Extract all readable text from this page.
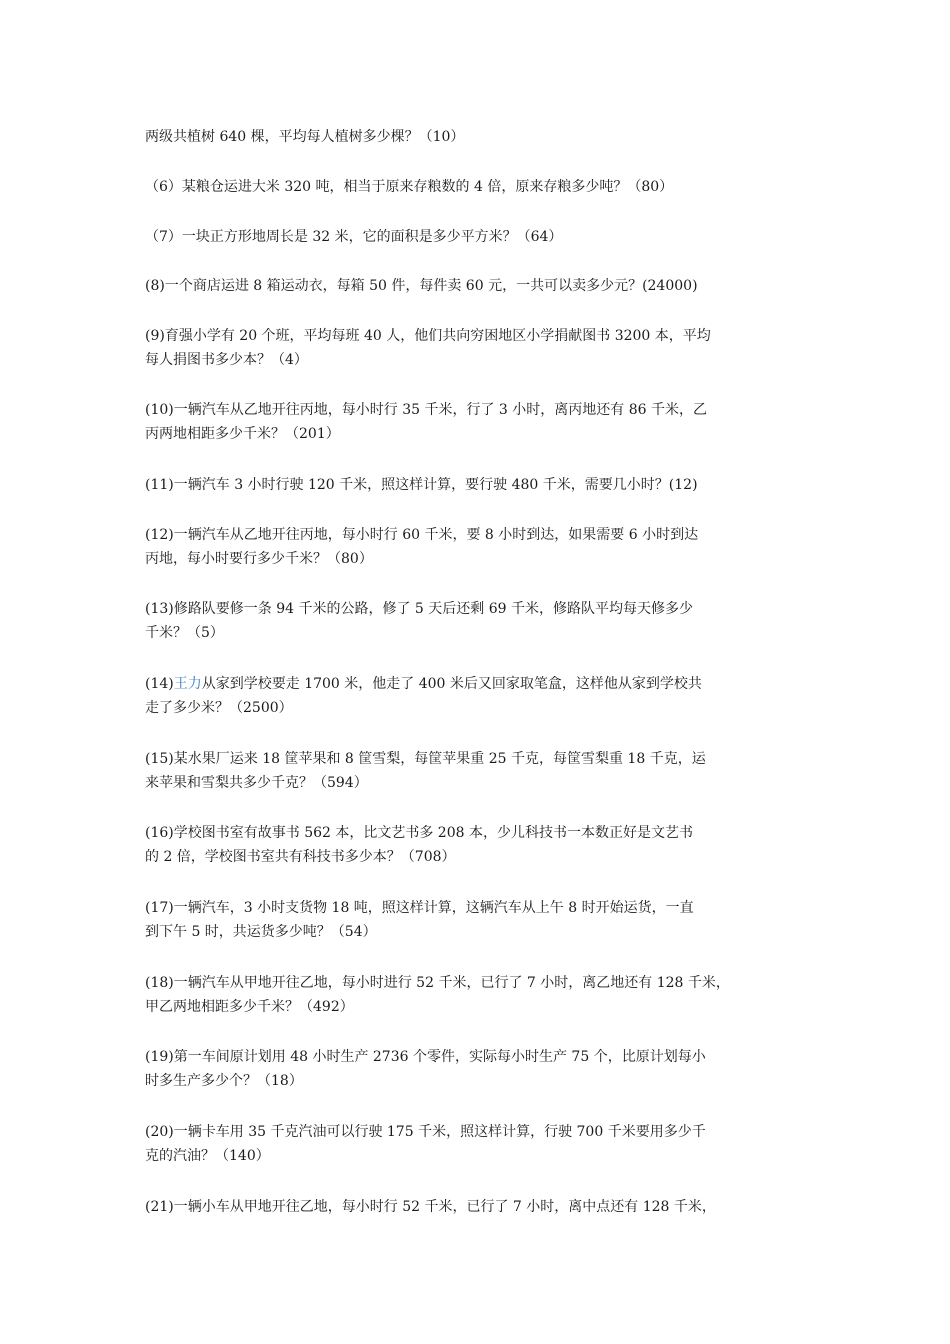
两级共植树 640 棵，平均每人植树多少棵？（10）

（6）某粮仓运进大米 320 吨，相当于原来存粮数的 4 倍，原来存粮多少吨？（80）

（7）一块正方形地周长是 32 米，它的面积是多少平方米？（64）

(8)一个商店运进 8 箱运动衣，每箱 50 件，每件卖 60 元，一共可以卖多少元？(24000)

(9)育强小学有 20 个班，平均每班 40 人，他们共向穷困地区小学捐献图书 3200 本，平均
每人捐图书多少本？（4）

(10)一辆汽车从乙地开往丙地，每小时行 35 千米，行了 3 小时，离丙地还有 86 千米，乙
丙两地相距多少千米？（201）

(11)一辆汽车 3 小时行驶 120 千米，照这样计算，要行驶 480 千米，需要几小时？(12)

(12)一辆汽车从乙地开往丙地，每小时行 60 千米，要 8 小时到达，如果需要 6 小时到达
丙地，每小时要行多少千米？（80）

(13)修路队要修一条 94 千米的公路，修了 5 天后还剩 69 千米，修路队平均每天修多少
千米？（5）

(14)王力从家到学校要走 1700 米，他走了 400 米后又回家取笔盒，这样他从家到学校共
走了多少米？（2500）

(15)某水果厂运来 18 筐苹果和 8 筐雪梨，每筐苹果重 25 千克，每筐雪梨重 18 千克，运
来苹果和雪梨共多少千克？（594）

(16)学校图书室有故事书 562 本，比文艺书多 208 本，少儿科技书一本数正好是文艺书
的 2 倍，学校图书室共有科技书多少本？（708）

(17)一辆汽车，3 小时支货物 18 吨，照这样计算，这辆汽车从上午 8 时开始运货，一直
到下午 5 时，共运货多少吨？（54）

(18)一辆汽车从甲地开往乙地，每小时进行 52 千米，已行了 7 小时，离乙地还有 128 千米，
甲乙两地相距多少千米？（492）

(19)第一车间原计划用 48 小时生产 2736 个零件，实际每小时生产 75 个，比原计划每小
时多生产多少个？（18）

(20)一辆卡车用 35 千克汽油可以行驶 175 千米，照这样计算，行驶 700 千米要用多少千
克的汽油？（140）

(21)一辆小车从甲地开往乙地，每小时行 52 千米，已行了 7 小时，离中点还有 128 千米，
